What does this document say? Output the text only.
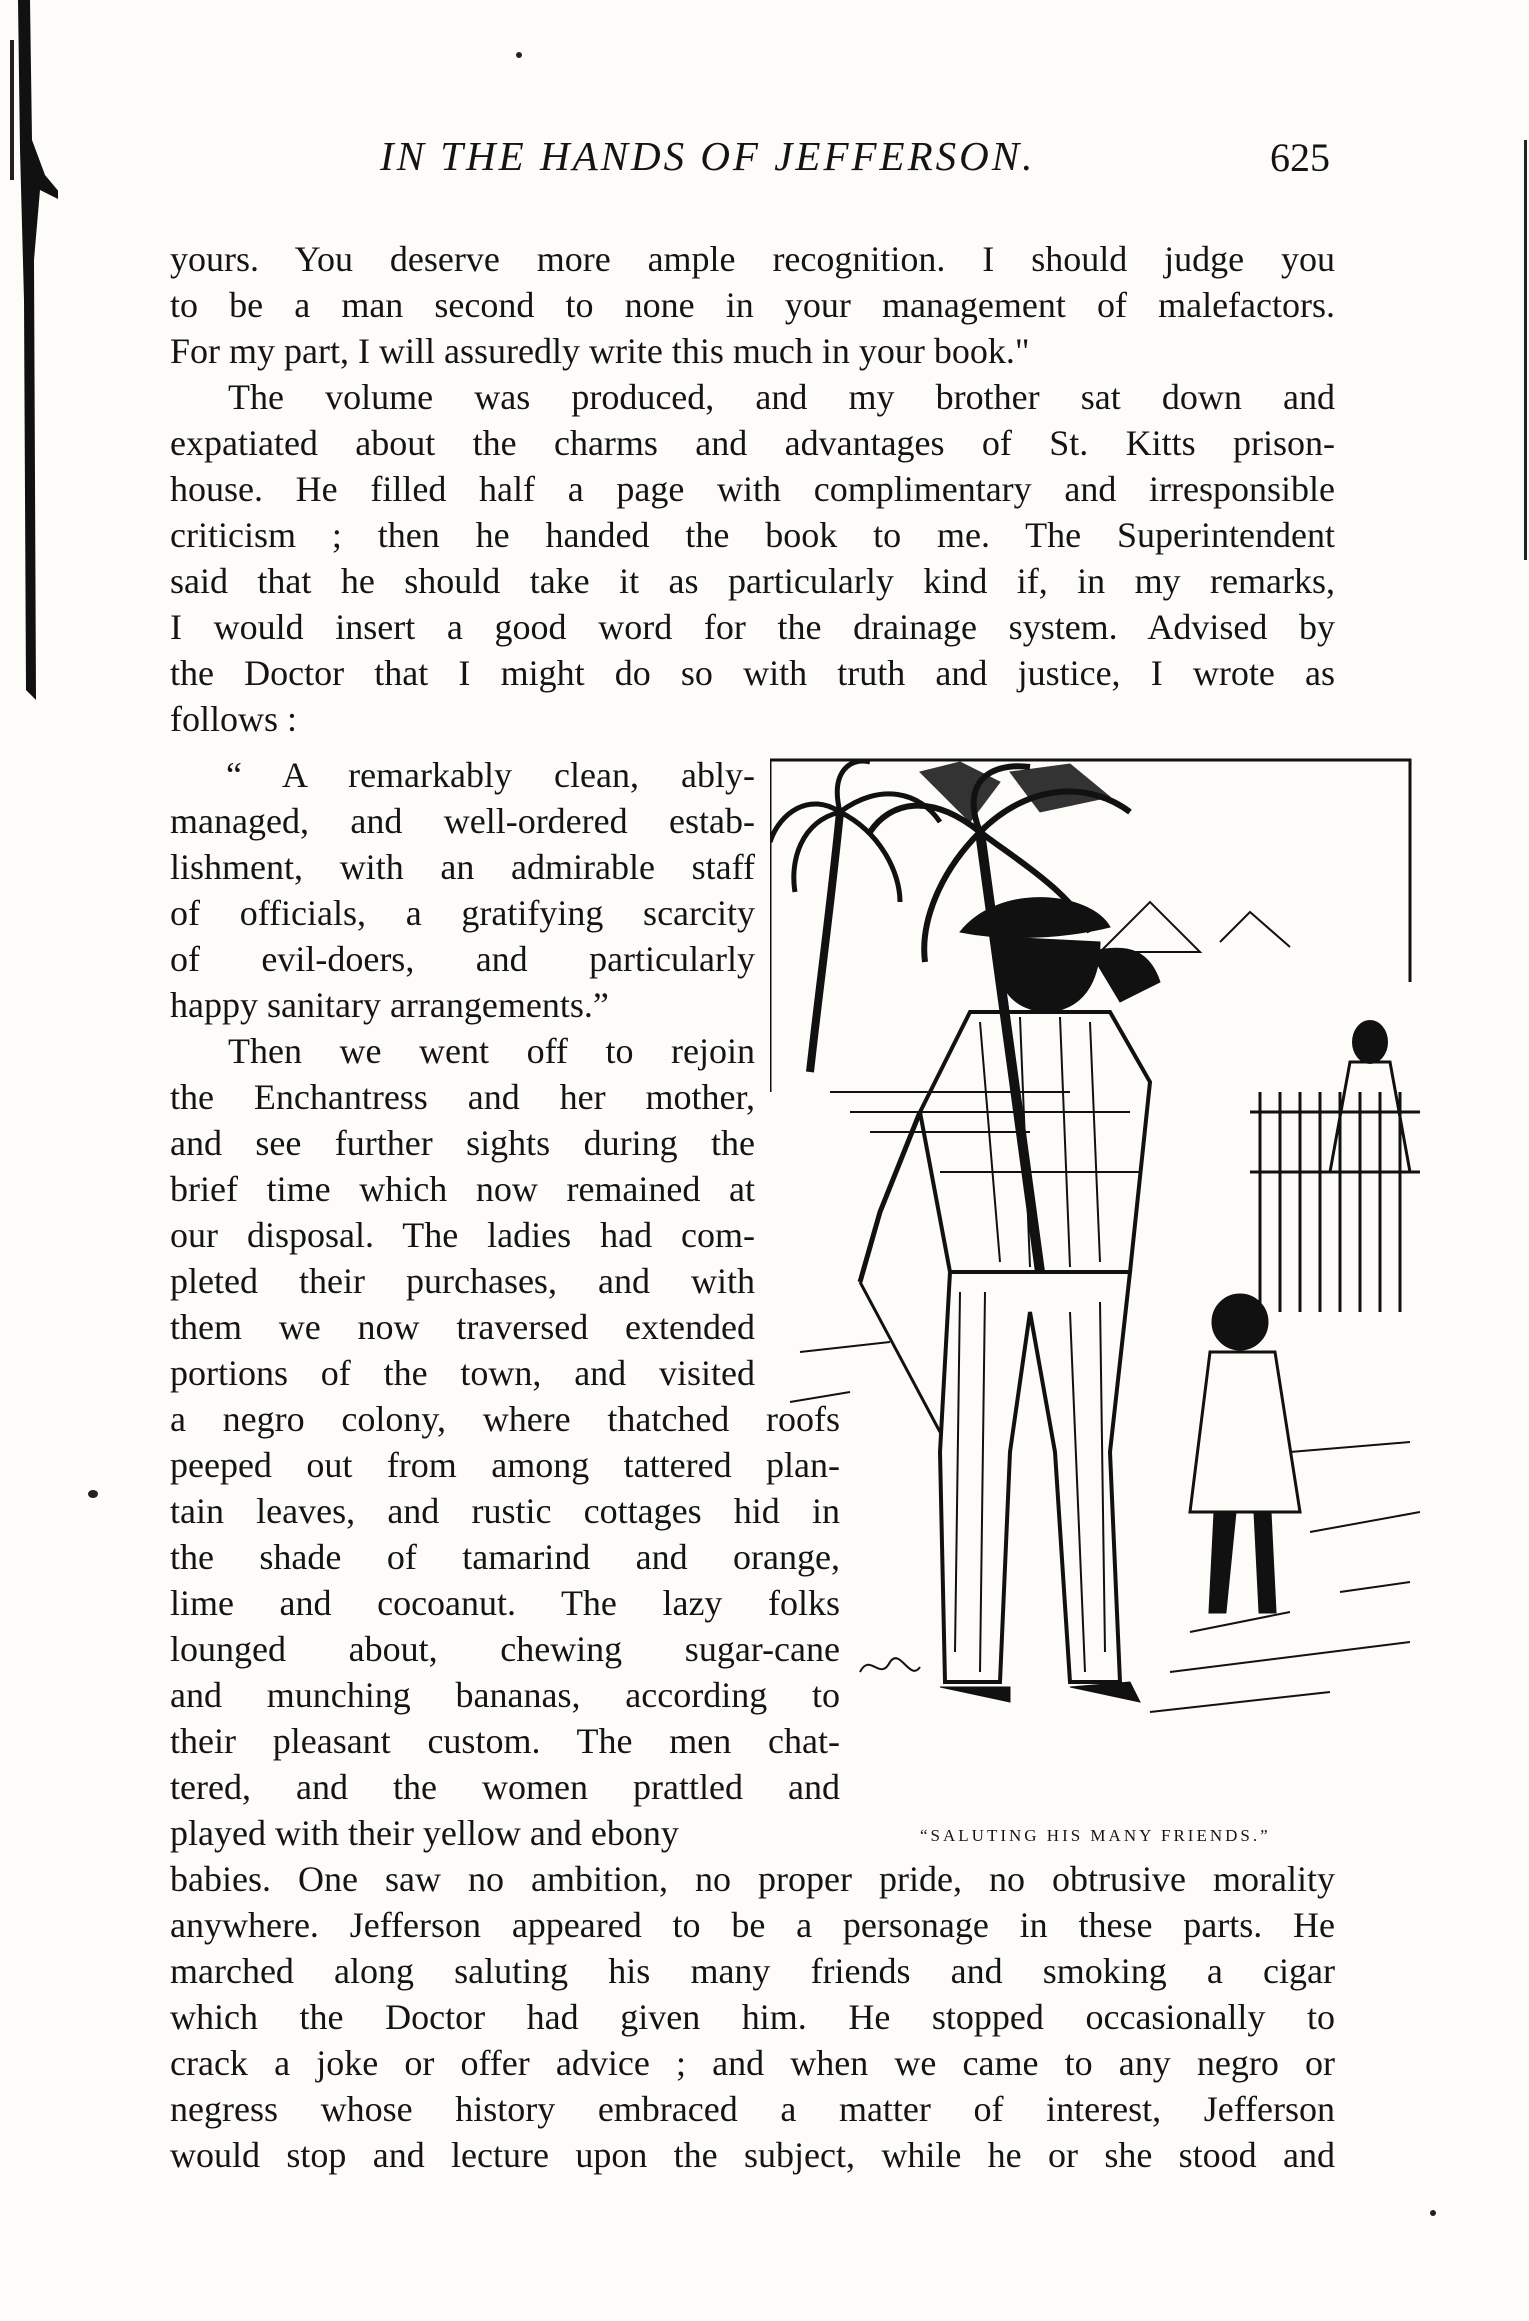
IN THE HANDS OF JEFFERSON.	625
yours. You deserve more ample recognition. I should judge you
to be a man second to none in your management of malefactors.
For my part, I will assuredly write this much in your book."
The volume was produced, and my brother sat down and
expatiated about the charms and advantages of St. Kitts prison-
house. He filled half a page with complimentary and irresponsible
criticism ; then he handed the book to me. The Superintendent
said that he should take it as particularly kind if, in my remarks,
I would insert a good word for the drainage system. Advised by
the Doctor that I might do so with truth and justice, I wrote as
follows :
“ A remarkably clean, ably-
managed, and well-ordered estab-
lishment, with an admirable staff
of officials, a gratifying scarcity
of evil-doers, and particularly
happy sanitary arrangements.”
Then we went off to rejoin
the Enchantress and her mother,
and see further sights during the
brief time which now remained at
our disposal. The ladies had com-
pleted their purchases, and with
them we now traversed extended
portions of the town, and visited
a negro colony, where thatched roofs
peeped out from among tattered plan-
tain leaves, and rustic cottages hid in
the shade of tamarind and orange,
lime and cocoanut. The lazy folks
lounged about, chewing sugar-cane
and munching bananas, according to
their pleasant custom. The men chat-
tered, and the women prattled and
played with their yellow and ebony
babies. One saw no ambition, no proper pride, no obtrusive morality
anywhere. Jefferson appeared to be a personage in these parts. He
marched along saluting his many friends and smoking a cigar
which the Doctor had given him. He stopped occasionally to
crack a joke or offer advice ; and when we came to any negro or
negress whose history embraced a matter of interest, Jefferson
would stop and lecture upon the subject, while he or she stood and
“SALUTING HIS MANY FRIENDS.”
